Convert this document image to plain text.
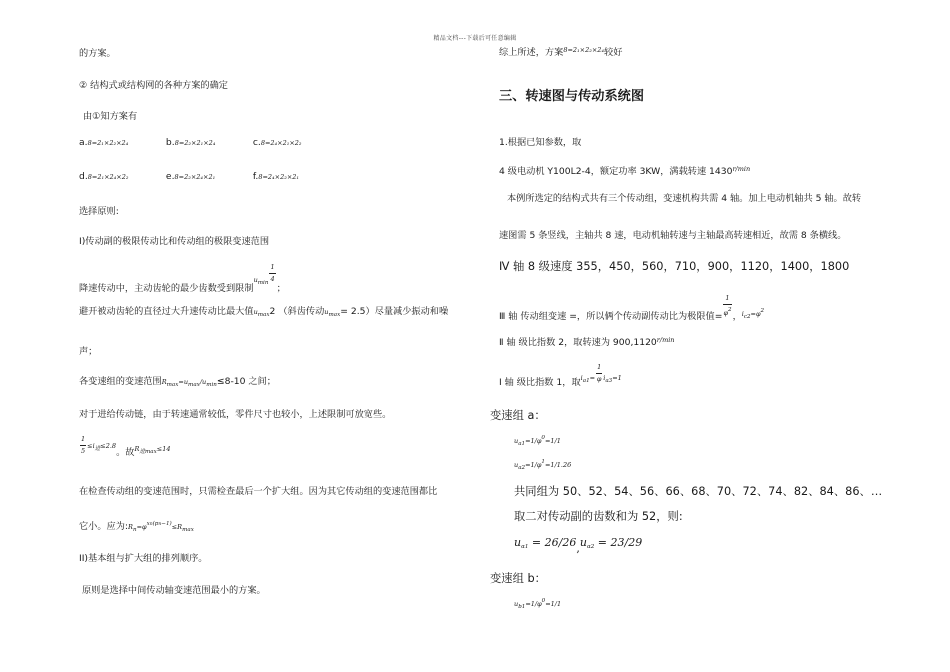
精品文档---下载后可任意编辑
的方案。
② 结构式或结构网的各种方案的确定
由①知方案有
a.8=2₁×2₂×2₄	b.8=2₂×2₁×2₄	c.8=2₄×2₁×2₂
d.8=2₁×2₄×2₂	e.8=2₂×2₄×2₁	f.8=2₄×2₂×2₁
选择原则:
I)传动副的极限传动比和传动组的极限变速范围
降速传动中，主动齿轮的最少齿数受到限制$_{umin} \frac{1}{4}$
；
避开被动齿轮的直径过大升速传动比最大值umax2 （斜齿传动umax= 2.5）尽量减少振动和噪
声；
各变速组的变速范围Rmax=umax/umin≤8-10 之间；
对于进给传动链，由于转速通常较低，零件尺寸也较小，上述限制可放宽些。
$\frac{1}{5} \le i$进≤2.8。故$_{R进max\le 14}$
在检查传动组的变速范围时，只需检查最后一个扩大组。因为其它传动组的变速范围都比
它小。应为:Rn=φxn(pn−1)≤Rmax
II)基本组与扩大组的排列顺序。
原则是选择中间传动轴变速范围最小的方案。
综上所述，方案8=2₁×2₂×2₄较好
三、转速图与传动系统图
1.根据已知参数，取
4 级电动机 Y100L2-4，额定功率 3KW，满载转速 $1430^{r/min}$
本例所选定的结构式共有三个传动组，变速机构共需 4 轴。加上电动机轴共 5 轴。故转
速图需 5 条竖线，主轴共 8 速，电动机轴转速与主轴最高转速相近，故需 8 条横线。
Ⅳ 轴 8 级速度 355，450，560，710，900，1120，1400，1800
Ⅲ 轴 传动组变速 =，所以俩个传动副传动比为极限值= $\frac{1}{\varphi 2}$ ，$_{ic2=\varphi 2}$
Ⅱ 轴 级比指数 2，取转速为 $900,1120^{r/min}$
Ⅰ 轴 级比指数 1，取$_{ia1=} \frac{1}{\varphi} _{ia3=1}$
变速组 a：
ua1=1/φ0=1/1
ua2=1/φ1=1/1.26
共同组为 50、52、54、56、66、68、70、72、74、82、84、86、…
取二对传动副的齿数和为 52，则:
$u_{\alpha 1} = 26/26,u_{\alpha 2} = 23/29$
变速组 b：
ub1=1/φ0=1/1
